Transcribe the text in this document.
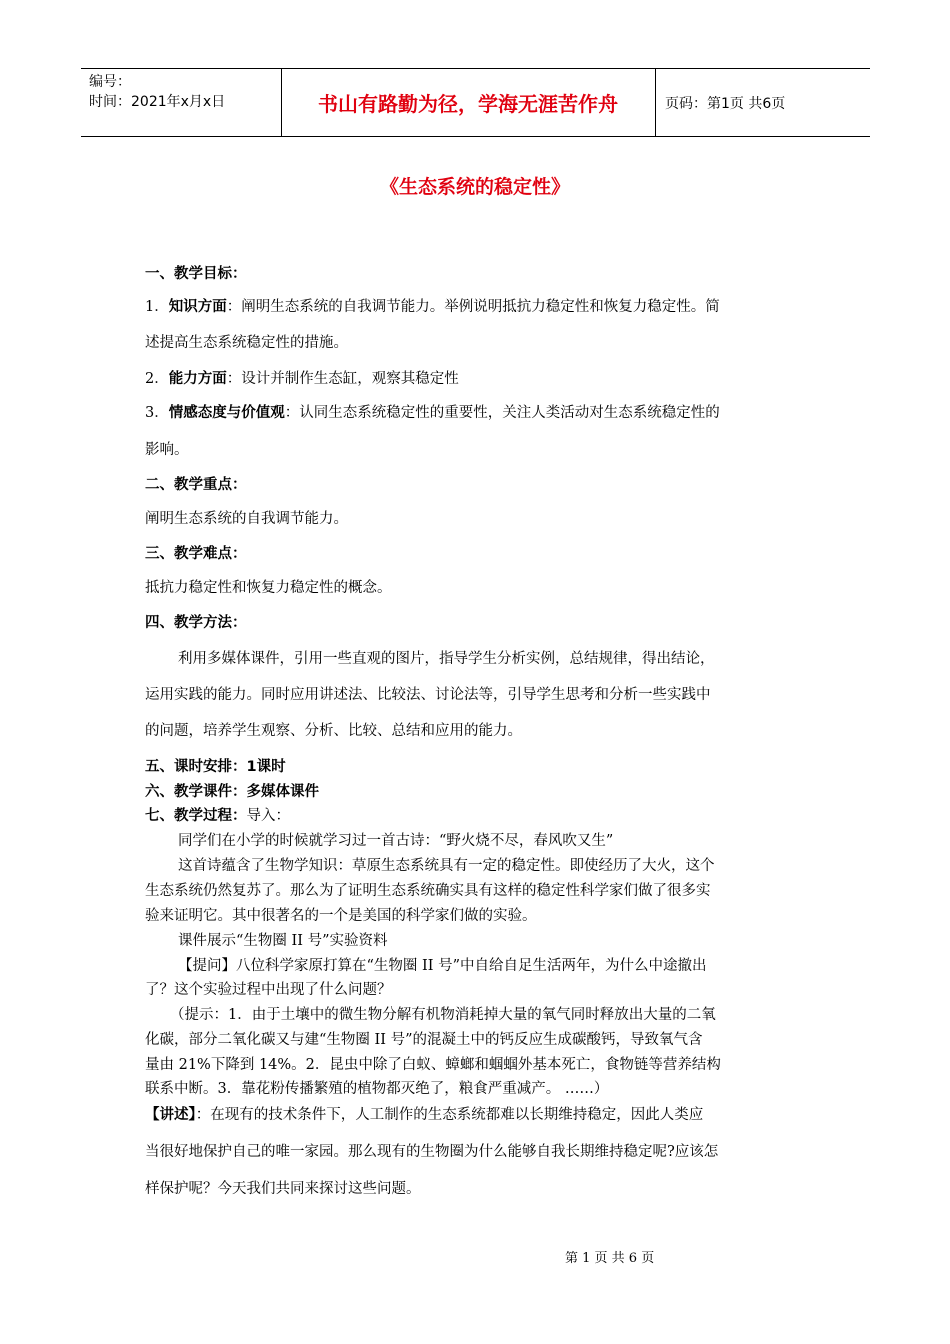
编号：
时间：2021年x月x日	书山有路勤为径，学海无涯苦作舟	页码：第1页 共6页
《生态系统的稳定性》
一、教学目标：
1．知识方面：阐明生态系统的自我调节能力。举例说明抵抗力稳定性和恢复力稳定性。简
述提高生态系统稳定性的措施。
2．能力方面：设计并制作生态缸，观察其稳定性
3．情感态度与价值观：认同生态系统稳定性的重要性，关注人类活动对生态系统稳定性的
影响。
二、教学重点：
阐明生态系统的自我调节能力。
三、教学难点：
抵抗力稳定性和恢复力稳定性的概念。
四、教学方法：
利用多媒体课件，引用一些直观的图片，指导学生分析实例，总结规律，得出结论，
运用实践的能力。同时应用讲述法、比较法、讨论法等，引导学生思考和分析一些实践中
的问题，培养学生观察、分析、比较、总结和应用的能力。
五、课时安排：1课时
六、教学课件：多媒体课件
七、教学过程：导入：
同学们在小学的时候就学习过一首古诗：“野火烧不尽，春风吹又生”
这首诗蕴含了生物学知识：草原生态系统具有一定的稳定性。即使经历了大火，这个
生态系统仍然复苏了。那么为了证明生态系统确实具有这样的稳定性科学家们做了很多实
验来证明它。其中很著名的一个是美国的科学家们做的实验。
课件展示“生物圈 II 号”实验资料
【提问】八位科学家原打算在“生物圈 II 号”中自给自足生活两年，为什么中途撤出
了？这个实验过程中出现了什么问题？
（提示：1．由于土壤中的微生物分解有机物消耗掉大量的氧气同时释放出大量的二氧
化碳，部分二氧化碳又与建“生物圈 II 号”的混凝土中的钙反应生成碳酸钙，导致氧气含
量由 21%下降到 14%。2．昆虫中除了白蚁、蟑螂和蝈蝈外基本死亡，食物链等营养结构
联系中断。3．靠花粉传播繁殖的植物都灭绝了，粮食严重减产。 ……）
【讲述】：在现有的技术条件下，人工制作的生态系统都难以长期维持稳定，因此人类应
当很好地保护自己的唯一家园。那么现有的生物圈为什么能够自我长期维持稳定呢?应该怎
样保护呢？今天我们共同来探讨这些问题。
第 1 页 共 6 页
